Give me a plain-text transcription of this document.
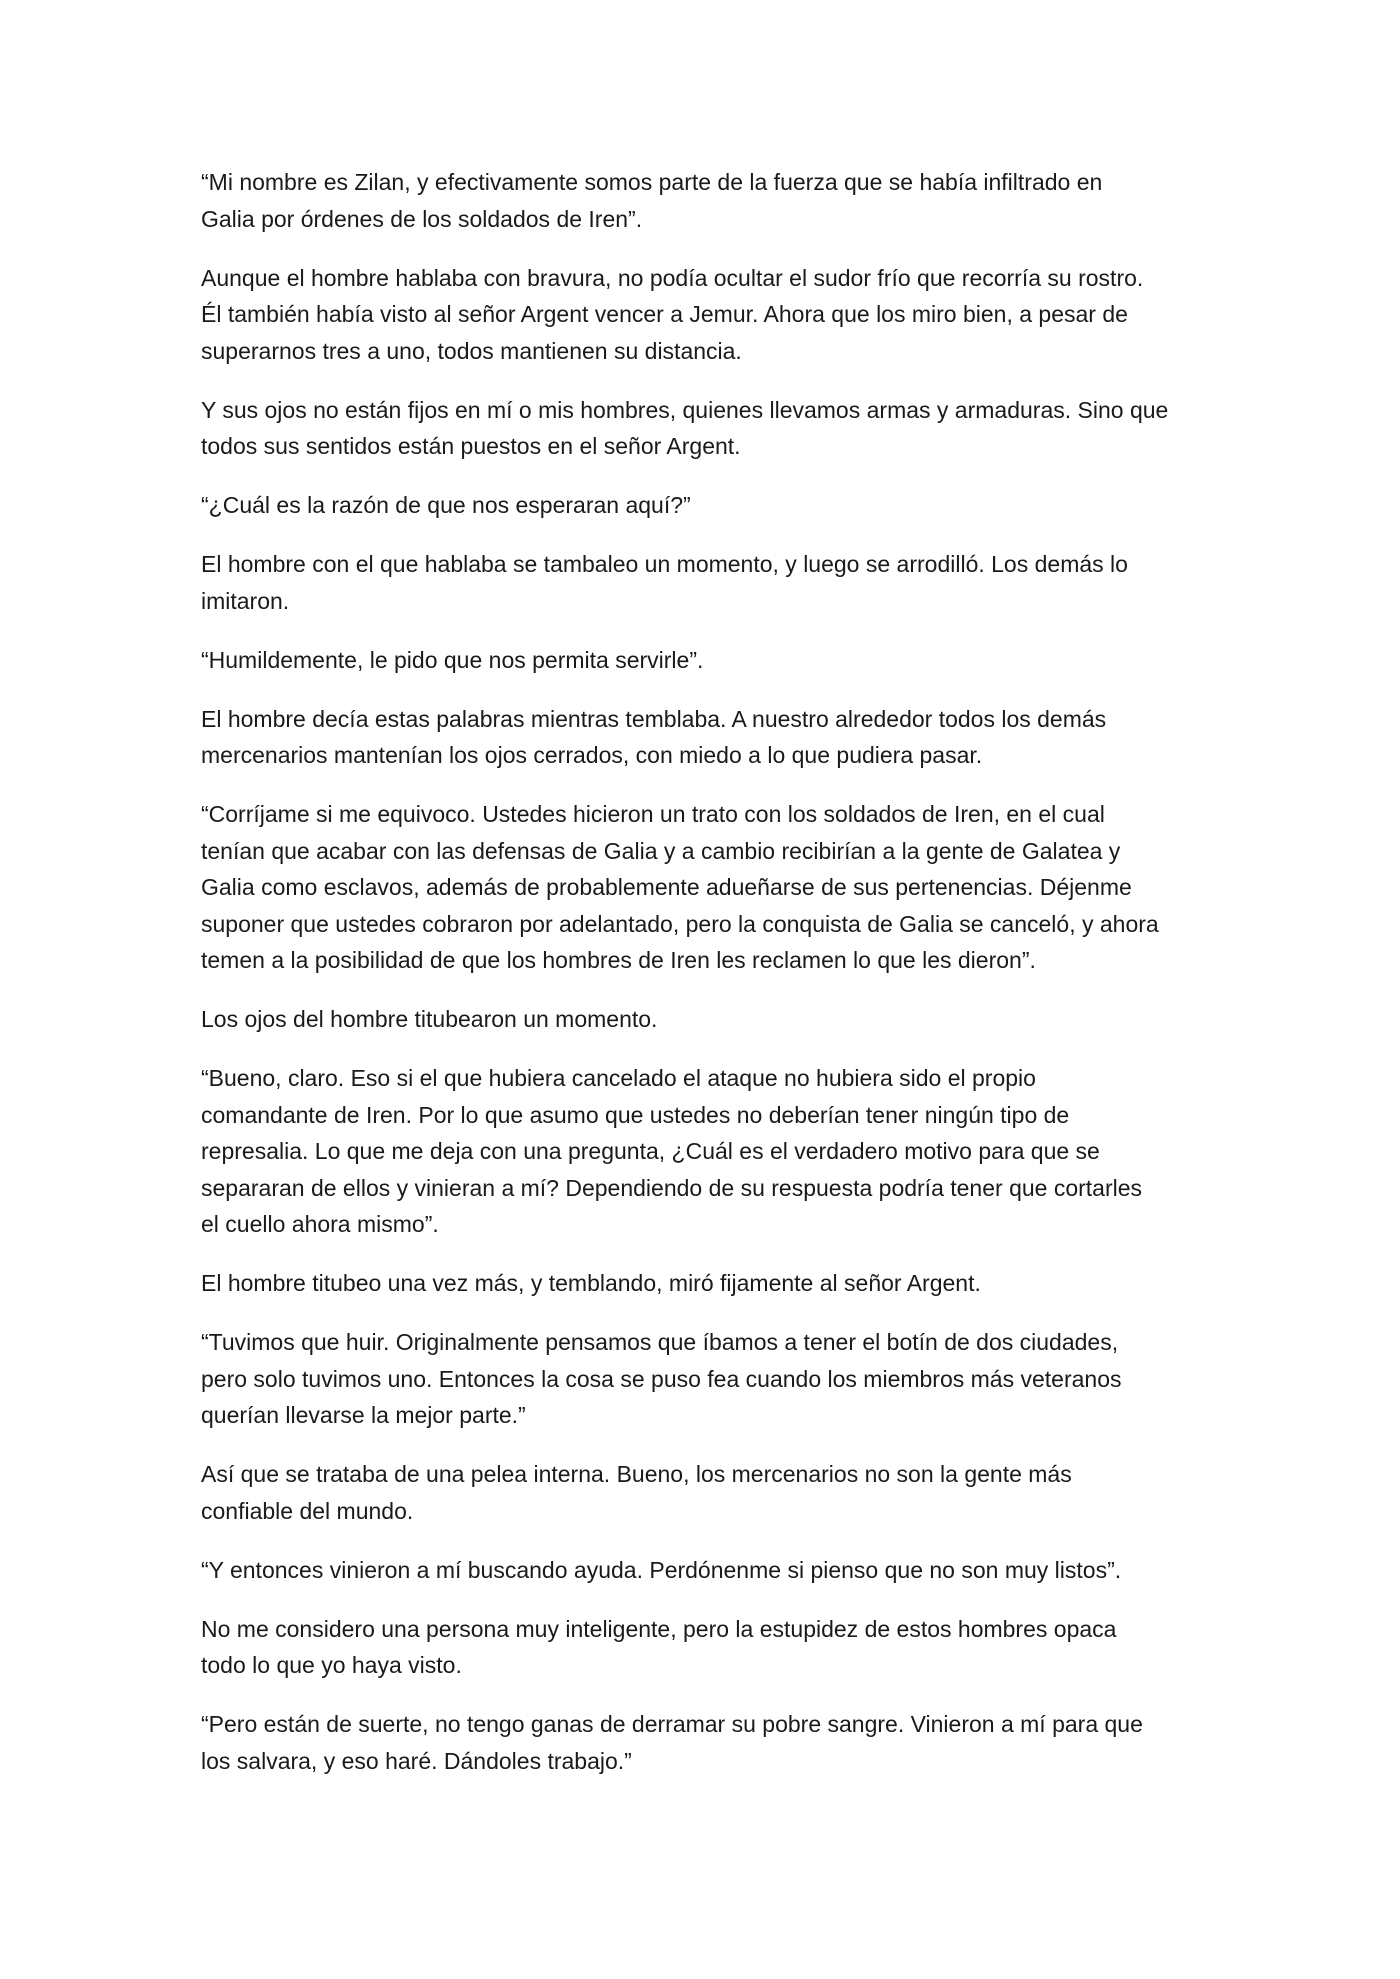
“Mi nombre es Zilan, y efectivamente somos parte de la fuerza que se había infiltrado en
Galia por órdenes de los soldados de Iren”.

Aunque el hombre hablaba con bravura, no podía ocultar el sudor frío que recorría su rostro.
Él también había visto al señor Argent vencer a Jemur. Ahora que los miro bien, a pesar de
superarnos tres a uno, todos mantienen su distancia.

Y sus ojos no están fijos en mí o mis hombres, quienes llevamos armas y armaduras. Sino que
todos sus sentidos están puestos en el señor Argent.

“¿Cuál es la razón de que nos esperaran aquí?”

El hombre con el que hablaba se tambaleo un momento, y luego se arrodilló. Los demás lo
imitaron.

“Humildemente, le pido que nos permita servirle”.

El hombre decía estas palabras mientras temblaba. A nuestro alrededor todos los demás
mercenarios mantenían los ojos cerrados, con miedo a lo que pudiera pasar.

“Corríjame si me equivoco. Ustedes hicieron un trato con los soldados de Iren, en el cual
tenían que acabar con las defensas de Galia y a cambio recibirían a la gente de Galatea y
Galia como esclavos, además de probablemente adueñarse de sus pertenencias. Déjenme
suponer que ustedes cobraron por adelantado, pero la conquista de Galia se canceló, y ahora
temen a la posibilidad de que los hombres de Iren les reclamen lo que les dieron”.

Los ojos del hombre titubearon un momento.

“Bueno, claro. Eso si el que hubiera cancelado el ataque no hubiera sido el propio
comandante de Iren. Por lo que asumo que ustedes no deberían tener ningún tipo de
represalia. Lo que me deja con una pregunta, ¿Cuál es el verdadero motivo para que se
separaran de ellos y vinieran a mí? Dependiendo de su respuesta podría tener que cortarles
el cuello ahora mismo”.

El hombre titubeo una vez más, y temblando, miró fijamente al señor Argent.

“Tuvimos que huir. Originalmente pensamos que íbamos a tener el botín de dos ciudades,
pero solo tuvimos uno. Entonces la cosa se puso fea cuando los miembros más veteranos
querían llevarse la mejor parte.”

Así que se trataba de una pelea interna. Bueno, los mercenarios no son la gente más
confiable del mundo.

“Y entonces vinieron a mí buscando ayuda. Perdónenme si pienso que no son muy listos”.

No me considero una persona muy inteligente, pero la estupidez de estos hombres opaca
todo lo que yo haya visto.

“Pero están de suerte, no tengo ganas de derramar su pobre sangre. Vinieron a mí para que
los salvara, y eso haré. Dándoles trabajo.”
